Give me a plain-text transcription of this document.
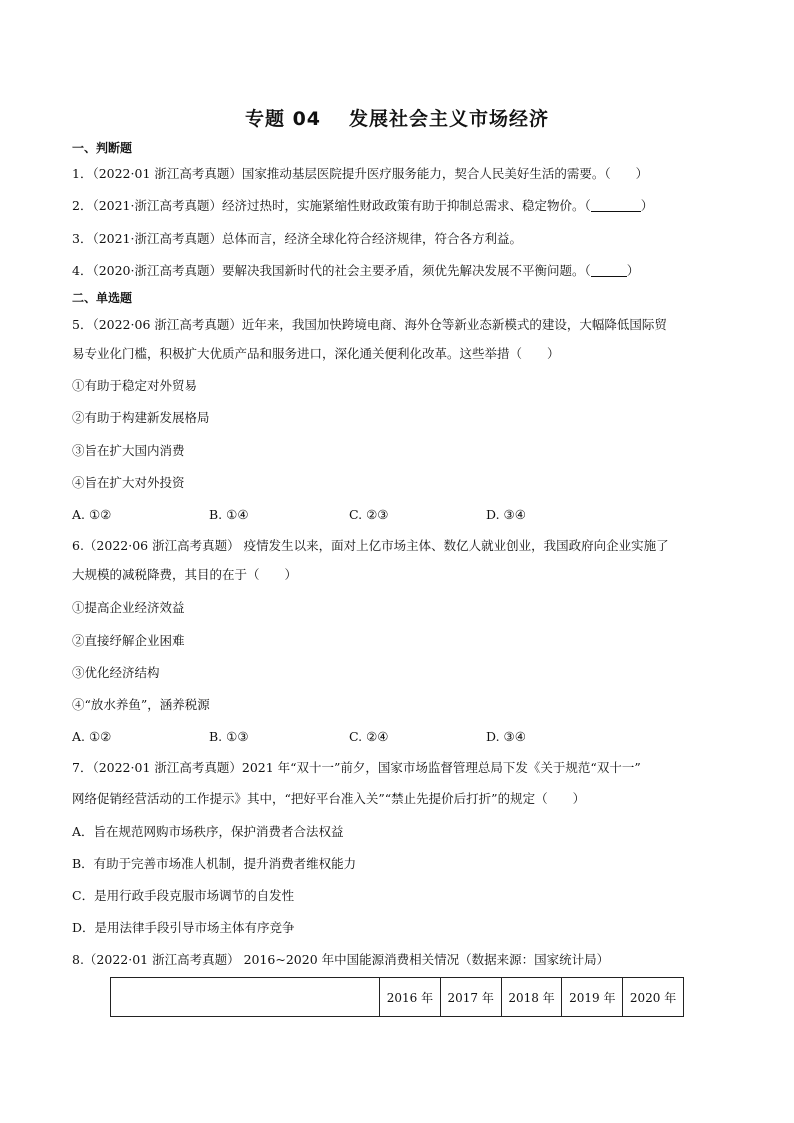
专题 04 发展社会主义市场经济
一、判断题
1．（2022·01 浙江高考真题）国家推动基层医院提升医疗服务能力，契合人民美好生活的需要。（　　）
2．（2021·浙江高考真题）经济过热时，实施紧缩性财政政策有助于抑制总需求、稳定物价。（	）
3．（2021·浙江高考真题）总体而言，经济全球化符合经济规律，符合各方利益。
4．（2020·浙江高考真题）要解决我国新时代的社会主要矛盾，须优先解决发展不平衡问题。（	）
二、单选题
5．（2022·06 浙江高考真题）近年来，我国加快跨境电商、海外仓等新业态新模式的建设，大幅降低国际贸
易专业化门槛，积极扩大优质产品和服务进口，深化通关便利化改革。这些举措（　　）
①有助于稳定对外贸易
②有助于构建新发展格局
③旨在扩大国内消费
④旨在扩大对外投资
A. ①②	B. ①④	C. ②③	D. ③④
6.（2022·06 浙江高考真题） 疫情发生以来，面对上亿市场主体、数亿人就业创业，我国政府向企业实施了
大规模的减税降费，其目的在于（　　）
①提高企业经济效益
②直接纾解企业困难
③优化经济结构
④“放水养鱼”，涵养税源
A. ①②	B. ①③	C. ②④	D. ③④
7．（2022·01 浙江高考真题）2021 年“双十一”前夕，国家市场监督管理总局下发《关于规范“双十一”
网络促销经营活动的工作提示》其中，“把好平台准入关”“禁止先提价后打折”的规定（　　）
A．旨在规范网购市场秩序，保护消费者合法权益
B．有助于完善市场准人机制，提升消费者维权能力
C．是用行政手段克服市场调节的自发性
D．是用法律手段引导市场主体有序竞争
8.（2022·01 浙江高考真题） 2016~2020 年中国能源消费相关情况（数据来源：国家统计局）
	2016 年	2017 年	2018 年	2019 年	2020 年
